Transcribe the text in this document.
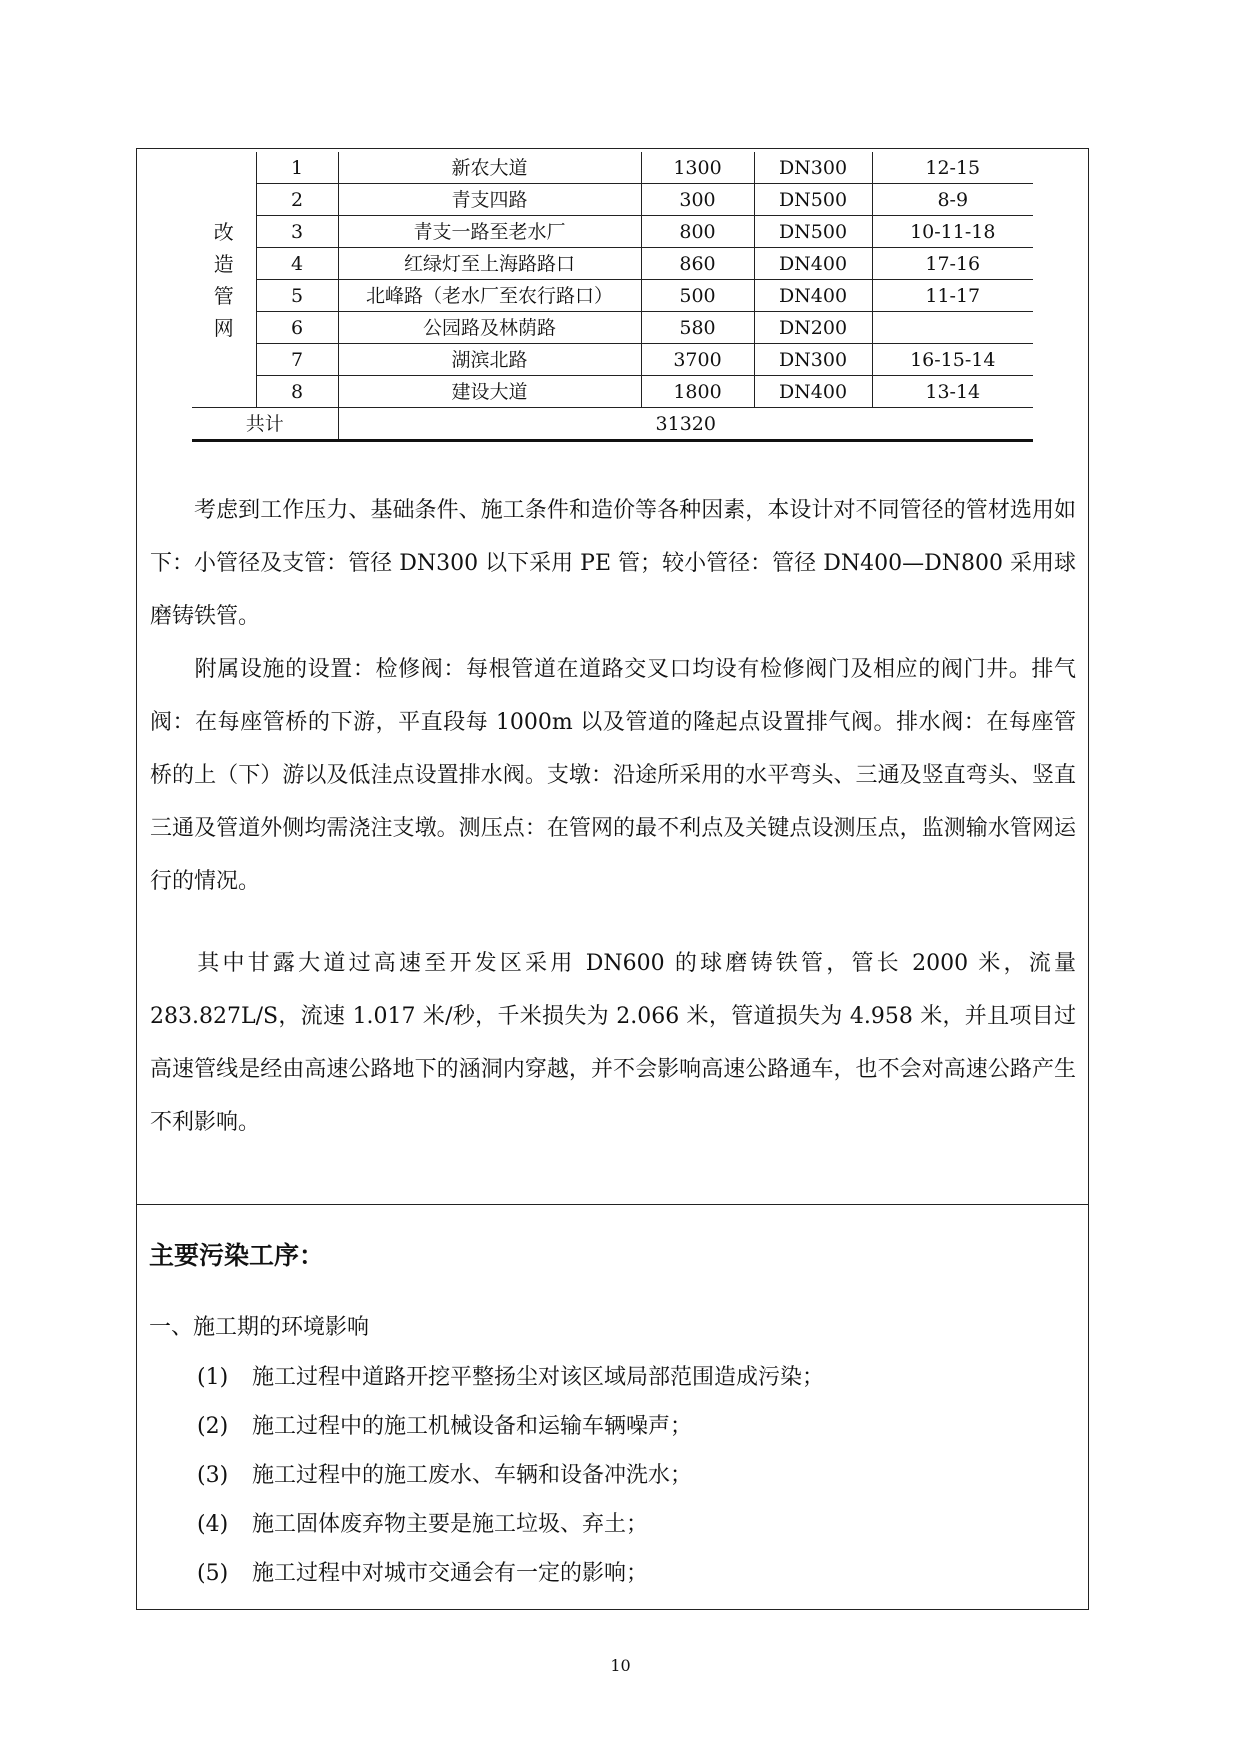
改
造
管
网	1	新农大道	1300	DN300	12-15
	2	青支四路	300	DN500	8-9
	3	青支一路至老水厂	800	DN500	10-11-18
	4	红绿灯至上海路路口	860	DN400	17-16
	5	北峰路（老水厂至农行路口）	500	DN400	11-17
	6	公园路及林荫路	580	DN200	
	7	湖滨北路	3700	DN300	16-15-14
	8	建设大道	1800	DN400	13-14
共计		31320			

考虑到工作压力、基础条件、施工条件和造价等各种因素，本设计对不同管径的管材选用如下：小管径及支管：管径 DN300 以下采用 PE 管；较小管径：管径 DN400—DN800 采用球磨铸铁管。

附属设施的设置：检修阀：每根管道在道路交叉口均设有检修阀门及相应的阀门井。排气阀：在每座管桥的下游，平直段每 1000m 以及管道的隆起点设置排气阀。排水阀：在每座管桥的上（下）游以及低洼点设置排水阀。支墩：沿途所采用的水平弯头、三通及竖直弯头、竖直三通及管道外侧均需浇注支墩。测压点：在管网的最不利点及关键点设测压点，监测输水管网运行的情况。

其中甘露大道过高速至开发区采用 DN600 的球磨铸铁管，管长 2000 米，流量 283.827L/S，流速 1.017 米/秒，千米损失为 2.066 米，管道损失为 4.958 米，并且项目过高速管线是经由高速公路地下的涵洞内穿越，并不会影响高速公路通车，也不会对高速公路产生不利影响。

主要污染工序：
一、施工期的环境影响
(1) 施工过程中道路开挖平整扬尘对该区域局部范围造成污染；
(2) 施工过程中的施工机械设备和运输车辆噪声；
(3) 施工过程中的施工废水、车辆和设备冲洗水；
(4) 施工固体废弃物主要是施工垃圾、弃土；
(5) 施工过程中对城市交通会有一定的影响；
10
